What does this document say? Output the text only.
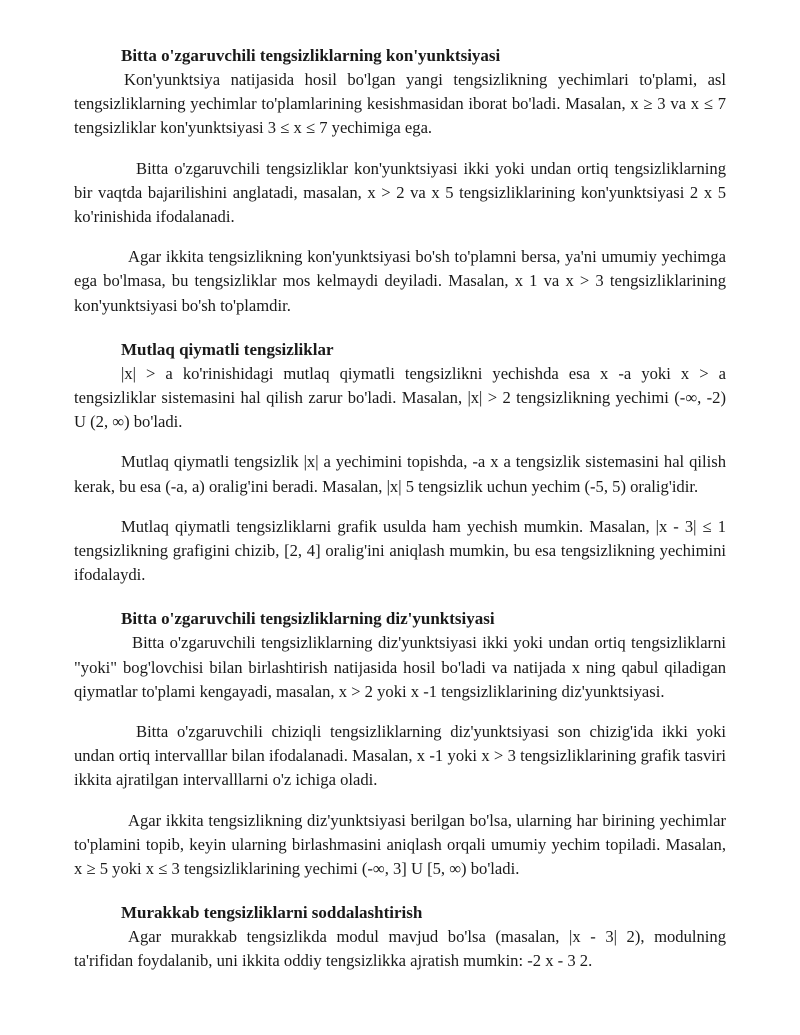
Bitta o'zgaruvchili tengsizliklarning kon'yunktsiyasi

Kon'yunktsiya natijasida hosil bo'lgan yangi tengsizlikning yechimlari to'plami, asl tengsizliklarning yechimlar to'plamlarining kesishmasidan iborat bo'ladi. Masalan, x ≥ 3 va x ≤ 7 tengsizliklar kon'yunktsiyasi 3 ≤ x ≤ 7 yechimiga ega.

Bitta o'zgaruvchili tengsizliklar kon'yunktsiyasi ikki yoki undan ortiq tengsizliklarning bir vaqtda bajarilishini anglatadi, masalan, x > 2 va x 5 tengsizliklarining kon'yunktsiyasi 2 x 5 ko'rinishida ifodalanadi.

Agar ikkita tengsizlikning kon'yunktsiyasi bo'sh to'plamni bersa, ya'ni umumiy yechimga ega bo'lmasa, bu tengsizliklar mos kelmaydi deyiladi. Masalan, x 1 va x > 3 tengsizliklarining kon'yunktsiyasi bo'sh to'plamdir.

Mutlaq qiymatli tengsizliklar

|x| > a ko'rinishidagi mutlaq qiymatli tengsizlikni yechishda esa x -a yoki x > a tengsizliklar sistemasini hal qilish zarur bo'ladi. Masalan, |x| > 2 tengsizlikning yechimi (-∞, -2) U (2, ∞) bo'ladi.

Mutlaq qiymatli tengsizlik |x| a yechimini topishda, -a x a tengsizlik sistemasini hal qilish kerak, bu esa (-a, a) oralig'ini beradi. Masalan, |x| 5 tengsizlik uchun yechim (-5, 5) oralig'idir.

Mutlaq qiymatli tengsizliklarni grafik usulda ham yechish mumkin. Masalan, |x - 3| ≤ 1 tengsizlikning grafigini chizib, [2, 4] oralig'ini aniqlash mumkin, bu esa tengsizlikning yechimini ifodalaydi.

Bitta o'zgaruvchili tengsizliklarning diz'yunktsiyasi

Bitta o'zgaruvchili tengsizliklarning diz'yunktsiyasi ikki yoki undan ortiq tengsizliklarni "yoki" bog'lovchisi bilan birlashtirish natijasida hosil bo'ladi va natijada x ning qabul qiladigan qiymatlar to'plami kengayadi, masalan, x > 2 yoki x -1 tengsizliklarining diz'yunktsiyasi.

Bitta o'zgaruvchili chiziqli tengsizliklarning diz'yunktsiyasi son chizig'ida ikki yoki undan ortiq intervalllar bilan ifodalanadi. Masalan, x -1 yoki x > 3 tengsizliklarining grafik tasviri ikkita ajratilgan intervalllarni o'z ichiga oladi.

Agar ikkita tengsizlikning diz'yunktsiyasi berilgan bo'lsa, ularning har birining yechimlar to'plamini topib, keyin ularning birlashmasini aniqlash orqali umumiy yechim topiladi. Masalan, x ≥ 5 yoki x ≤ 3 tengsizliklarining yechimi (-∞, 3] U [5, ∞) bo'ladi.

Murakkab tengsizliklarni soddalashtirish

Agar murakkab tengsizlikda modul mavjud bo'lsa (masalan, |x - 3| 2), modulning ta'rifidan foydalanib, uni ikkita oddiy tengsizlikka ajratish mumkin: -2 x - 3 2.
